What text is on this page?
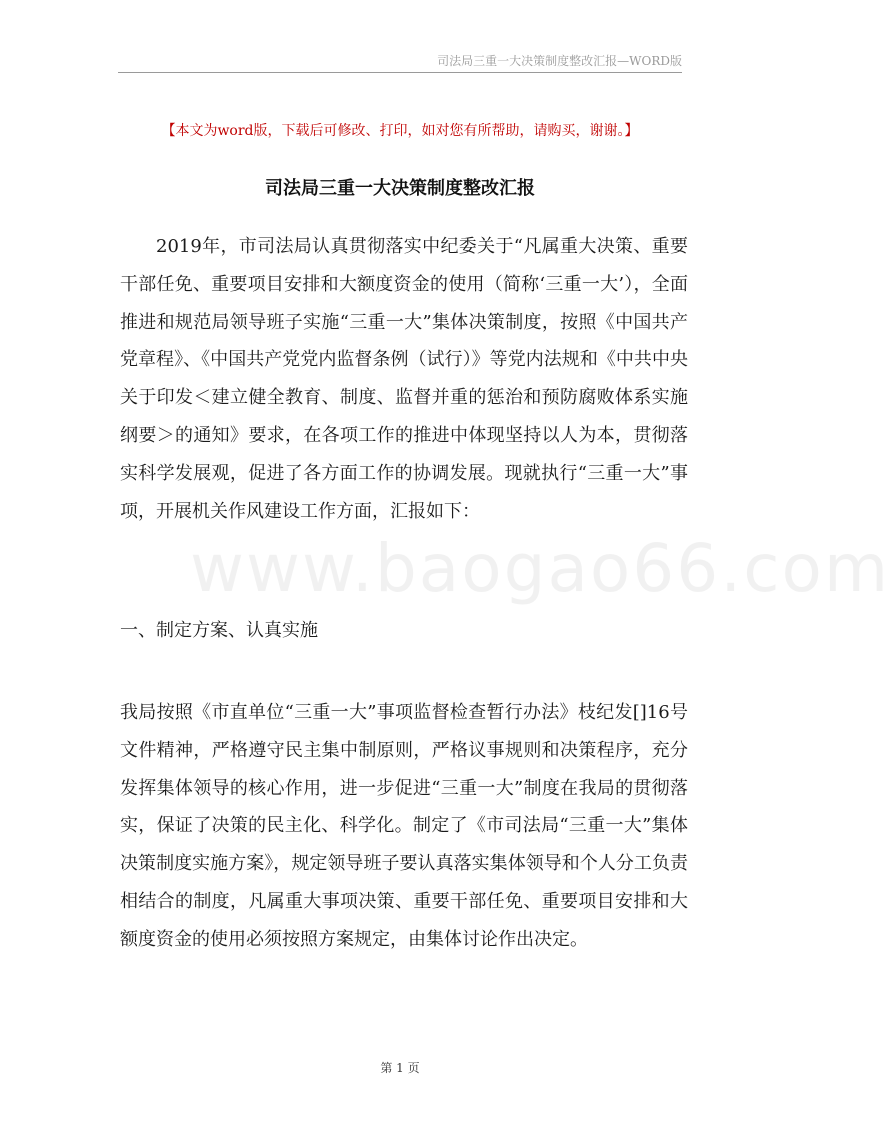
司法局三重一大决策制度整改汇报—WORD版
【本文为word版，下载后可修改、打印，如对您有所帮助，请购买，谢谢。】
司法局三重一大决策制度整改汇报

2019年，市司法局认真贯彻落实中纪委关于“凡属重大决策、重要干部任免、重要项目安排和大额度资金的使用（简称‘三重一大’），全面推进和规范局领导班子实施“三重一大”集体决策制度，按照《中国共产党章程》、《中国共产党党内监督条例（试行）》等党内法规和《中共中央关于印发＜建立健全教育、制度、监督并重的惩治和预防腐败体系实施纲要＞的通知》要求，在各项工作的推进中体现坚持以人为本，贯彻落实科学发展观，促进了各方面工作的协调发展。现就执行“三重一大”事项，开展机关作风建设工作方面，汇报如下：

www.baogao66.com

一、制定方案、认真实施

我局按照《市直单位“三重一大”事项监督检查暂行办法》枝纪发[]16号文件精神，严格遵守民主集中制原则，严格议事规则和决策程序，充分发挥集体领导的核心作用，进一步促进“三重一大”制度在我局的贯彻落实，保证了决策的民主化、科学化。制定了《市司法局“三重一大”集体决策制度实施方案》，规定领导班子要认真落实集体领导和个人分工负责相结合的制度，凡属重大事项决策、重要干部任免、重要项目安排和大额度资金的使用必须按照方案规定，由集体讨论作出决定。

第 1 页
